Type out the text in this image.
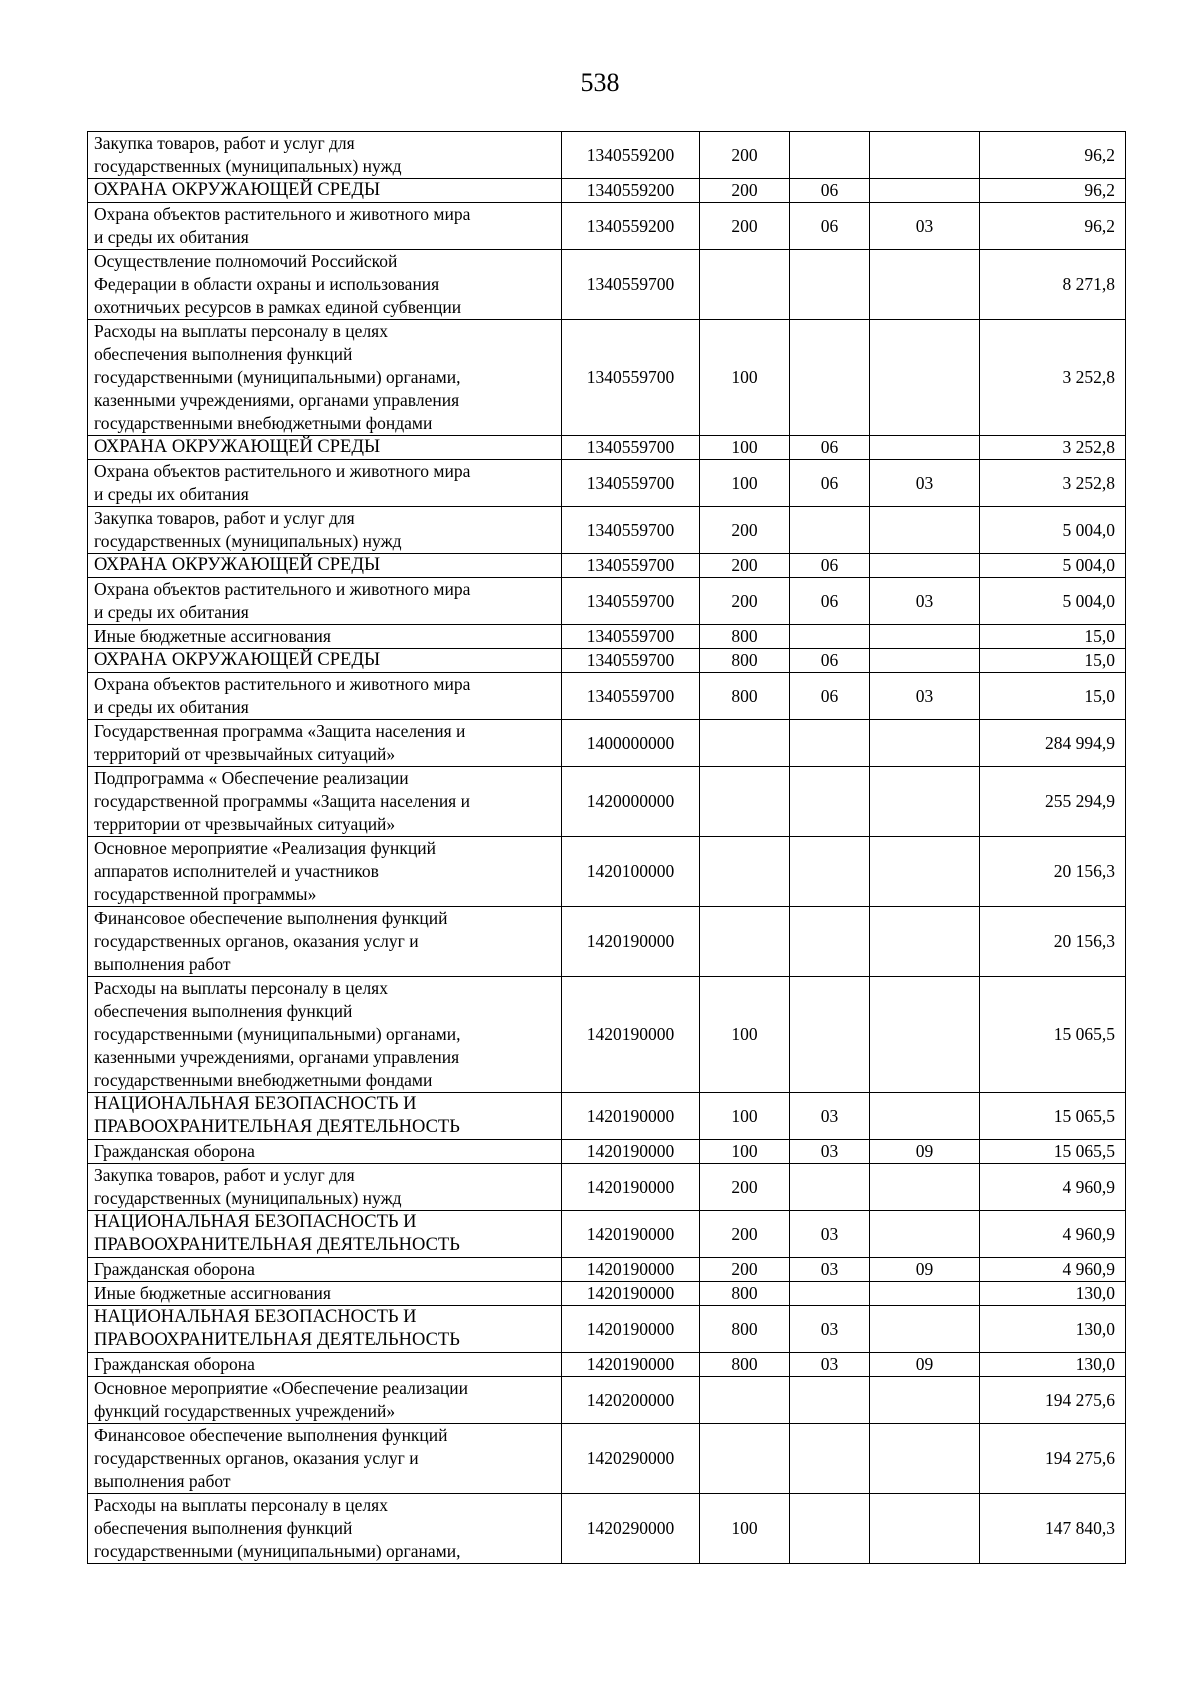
538
Закупка товаров, работ и услуг для
государственных (муниципальных) нужд	1340559200	200			96,2
ОХРАНА ОКРУЖАЮЩЕЙ СРЕДЫ	1340559200	200	06		96,2
Охрана объектов растительного и животного мира
и среды их обитания	1340559200	200	06	03	96,2
Осуществление полномочий Российской
Федерации в области охраны и использования
охотничьих ресурсов в рамках единой субвенции	1340559700				8 271,8
Расходы на выплаты персоналу в целях
обеспечения выполнения функций
государственными (муниципальными) органами,
казенными учреждениями, органами управления
государственными внебюджетными фондами	1340559700	100			3 252,8
ОХРАНА ОКРУЖАЮЩЕЙ СРЕДЫ	1340559700	100	06		3 252,8
Охрана объектов растительного и животного мира
и среды их обитания	1340559700	100	06	03	3 252,8
Закупка товаров, работ и услуг для
государственных (муниципальных) нужд	1340559700	200			5 004,0
ОХРАНА ОКРУЖАЮЩЕЙ СРЕДЫ	1340559700	200	06		5 004,0
Охрана объектов растительного и животного мира
и среды их обитания	1340559700	200	06	03	5 004,0
Иные бюджетные ассигнования	1340559700	800			15,0
ОХРАНА ОКРУЖАЮЩЕЙ СРЕДЫ	1340559700	800	06		15,0
Охрана объектов растительного и животного мира
и среды их обитания	1340559700	800	06	03	15,0
Государственная программа «Защита населения и
территорий от чрезвычайных ситуаций»	1400000000				284 994,9
Подпрограмма « Обеспечение реализации
государственной программы «Защита населения и
территории от чрезвычайных ситуаций»	1420000000				255 294,9
Основное мероприятие «Реализация функций
аппаратов исполнителей и участников
государственной программы»	1420100000				20 156,3
Финансовое обеспечение выполнения функций
государственных органов, оказания услуг и
выполнения работ	1420190000				20 156,3
Расходы на выплаты персоналу в целях
обеспечения выполнения функций
государственными (муниципальными) органами,
казенными учреждениями, органами управления
государственными внебюджетными фондами	1420190000	100			15 065,5
НАЦИОНАЛЬНАЯ БЕЗОПАСНОСТЬ И
ПРАВООХРАНИТЕЛЬНАЯ ДЕЯТЕЛЬНОСТЬ	1420190000	100	03		15 065,5
Гражданская оборона	1420190000	100	03	09	15 065,5
Закупка товаров, работ и услуг для
государственных (муниципальных) нужд	1420190000	200			4 960,9
НАЦИОНАЛЬНАЯ БЕЗОПАСНОСТЬ И
ПРАВООХРАНИТЕЛЬНАЯ ДЕЯТЕЛЬНОСТЬ	1420190000	200	03		4 960,9
Гражданская оборона	1420190000	200	03	09	4 960,9
Иные бюджетные ассигнования	1420190000	800			130,0
НАЦИОНАЛЬНАЯ БЕЗОПАСНОСТЬ И
ПРАВООХРАНИТЕЛЬНАЯ ДЕЯТЕЛЬНОСТЬ	1420190000	800	03		130,0
Гражданская оборона	1420190000	800	03	09	130,0
Основное мероприятие «Обеспечение реализации
функций государственных учреждений»	1420200000				194 275,6
Финансовое обеспечение выполнения функций
государственных органов, оказания услуг и
выполнения работ	1420290000				194 275,6
Расходы на выплаты персоналу в целях
обеспечения выполнения функций
государственными (муниципальными) органами,	1420290000	100			147 840,3
